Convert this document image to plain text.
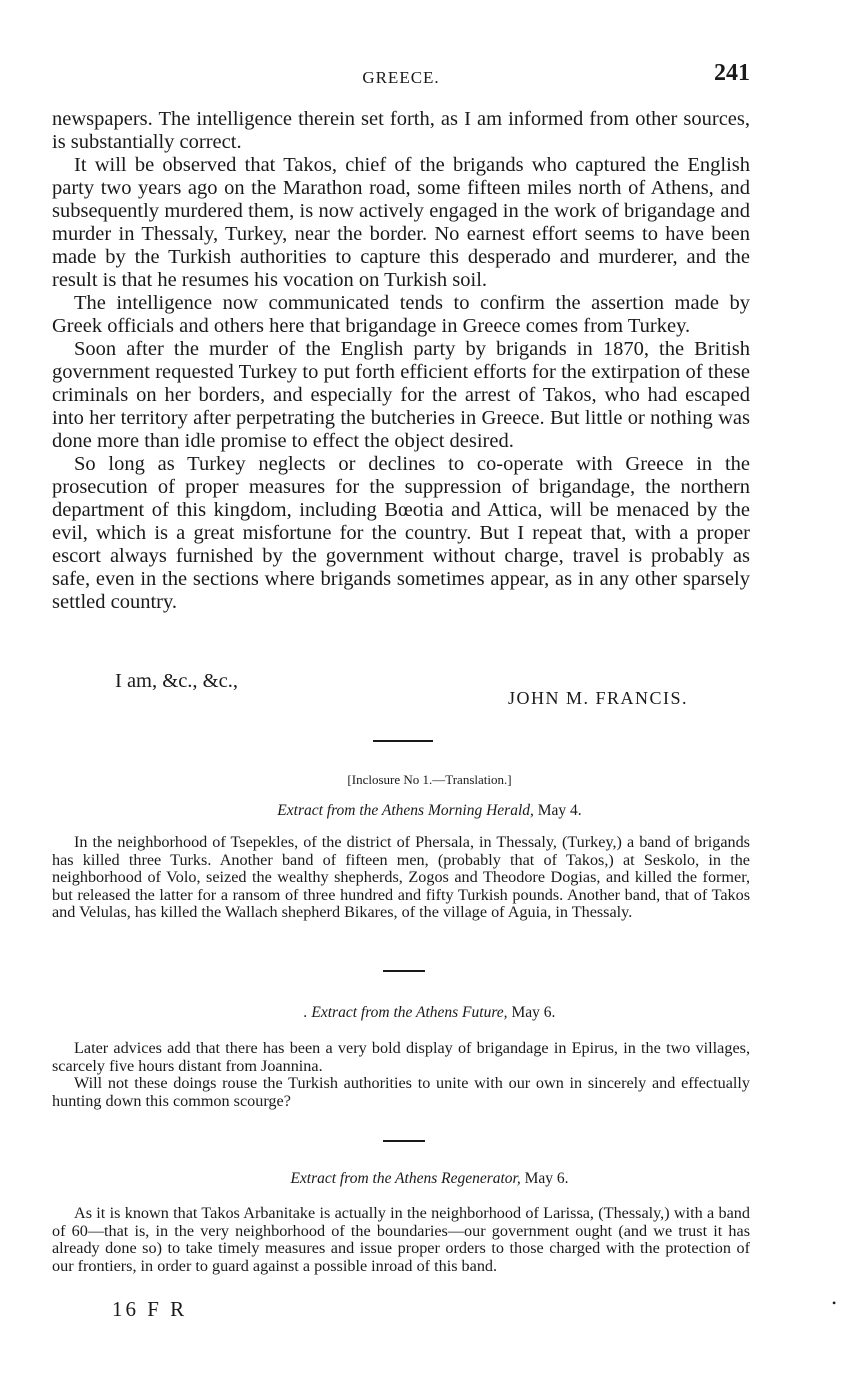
GREECE.	241

newspapers. The intelligence therein set forth, as I am informed from other sources, is substantially correct.

It will be observed that Takos, chief of the brigands who captured the English party two years ago on the Marathon road, some fifteen miles north of Athens, and subsequently murdered them, is now actively engaged in the work of brigandage and murder in Thessaly, Turkey, near the border. No earnest effort seems to have been made by the Turkish authorities to capture this desperado and murderer, and the result is that he resumes his vocation on Turkish soil.

The intelligence now communicated tends to confirm the assertion made by Greek officials and others here that brigandage in Greece comes from Turkey.

Soon after the murder of the English party by brigands in 1870, the British government requested Turkey to put forth efficient efforts for the extirpation of these criminals on her borders, and especially for the arrest of Takos, who had escaped into her territory after perpetrating the butcheries in Greece. But little or nothing was done more than idle promise to effect the object desired.

So long as Turkey neglects or declines to co-operate with Greece in the prosecution of proper measures for the suppression of brigandage, the northern department of this kingdom, including Bœotia and Attica, will be menaced by the evil, which is a great misfortune for the country. But I repeat that, with a proper escort always furnished by the government without charge, travel is probably as safe, even in the sections where brigands sometimes appear, as in any other sparsely settled country.

I am, &c., &c.,
JOHN M. FRANCIS.
[Inclosure No 1.—Translation.]
Extract from the Athens Morning Herald, May 4.

In the neighborhood of Tsepekles, of the district of Phersala, in Thessaly, (Turkey,) a band of brigands has killed three Turks. Another band of fifteen men, (probably that of Takos,) at Seskolo, in the neighborhood of Volo, seized the wealthy shepherds, Zogos and Theodore Dogias, and killed the former, but released the latter for a ransom of three hundred and fifty Turkish pounds. Another band, that of Takos and Velulas, has killed the Wallach shepherd Bikares, of the village of Aguia, in Thessaly.

. Extract from the Athens Future, May 6.

Later advices add that there has been a very bold display of brigandage in Epirus, in the two villages, scarcely five hours distant from Joannina.

Will not these doings rouse the Turkish authorities to unite with our own in sincerely and effectually hunting down this common scourge?

Extract from the Athens Regenerator, May 6.

As it is known that Takos Arbanitake is actually in the neighborhood of Larissa, (Thessaly,) with a band of 60—that is, in the very neighborhood of the boundaries—our government ought (and we trust it has already done so) to take timely measures and issue proper orders to those charged with the protection of our frontiers, in order to guard against a possible inroad of this band.

16 F R	•
